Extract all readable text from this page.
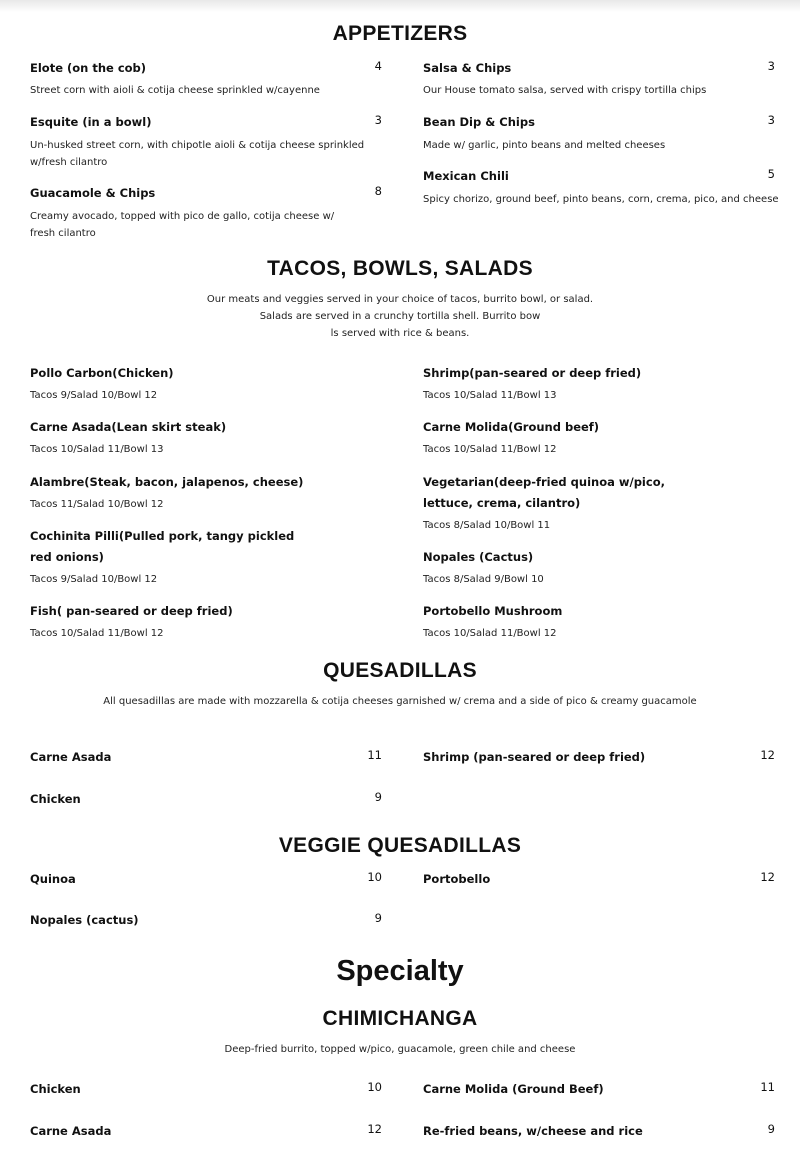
APPETIZERS
Elote (on the cob)	4
Street corn with aioli & cotija cheese sprinkled w/cayenne
Esquite (in a bowl)	3
Un-husked street corn, with chipotle aioli & cotija cheese sprinkled w/fresh cilantro
Guacamole & Chips	8
Creamy avocado, topped with pico de gallo, cotija cheese w/ fresh cilantro
Salsa & Chips	3
Our House tomato salsa, served with crispy tortilla chips
Bean Dip & Chips	3
Made w/ garlic, pinto beans and melted cheeses
Mexican Chili	5
Spicy chorizo, ground beef, pinto beans, corn, crema, pico, and cheese
TACOS, BOWLS, SALADS
Our meats and veggies served in your choice of tacos, burrito bowl, or salad.
Salads are served in a crunchy tortilla shell. Burrito bow
ls served with rice & beans.
Pollo Carbon(Chicken)
Tacos 9/Salad 10/Bowl 12
Carne Asada(Lean skirt steak)
Tacos 10/Salad 11/Bowl 13
Alambre(Steak, bacon, jalapenos, cheese)
Tacos 11/Salad 10/Bowl 12
Cochinita Pilli(Pulled pork, tangy pickled red onions)
Tacos 9/Salad 10/Bowl 12
Fish( pan-seared or deep fried)
Tacos 10/Salad 11/Bowl 12
Shrimp(pan-seared or deep fried)
Tacos 10/Salad 11/Bowl 13
Carne Molida(Ground beef)
Tacos 10/Salad 11/Bowl 12
Vegetarian(deep-fried quinoa w/pico, lettuce, crema, cilantro)
Tacos 8/Salad 10/Bowl 11
Nopales (Cactus)
Tacos 8/Salad 9/Bowl 10
Portobello Mushroom
Tacos 10/Salad 11/Bowl 12
QUESADILLAS
All quesadillas are made with mozzarella & cotija cheeses garnished w/ crema and a side of pico & creamy guacamole
Carne Asada	11
Chicken	9
Shrimp (pan-seared or deep fried)	12
VEGGIE QUESADILLAS
Quinoa	10
Nopales (cactus)	9
Portobello	12
Specialty
CHIMICHANGA
Deep-fried burrito, topped w/pico, guacamole, green chile and cheese
Chicken	10
Carne Asada	12
Carne Molida (Ground Beef)	11
Re-fried beans, w/cheese and rice	9
